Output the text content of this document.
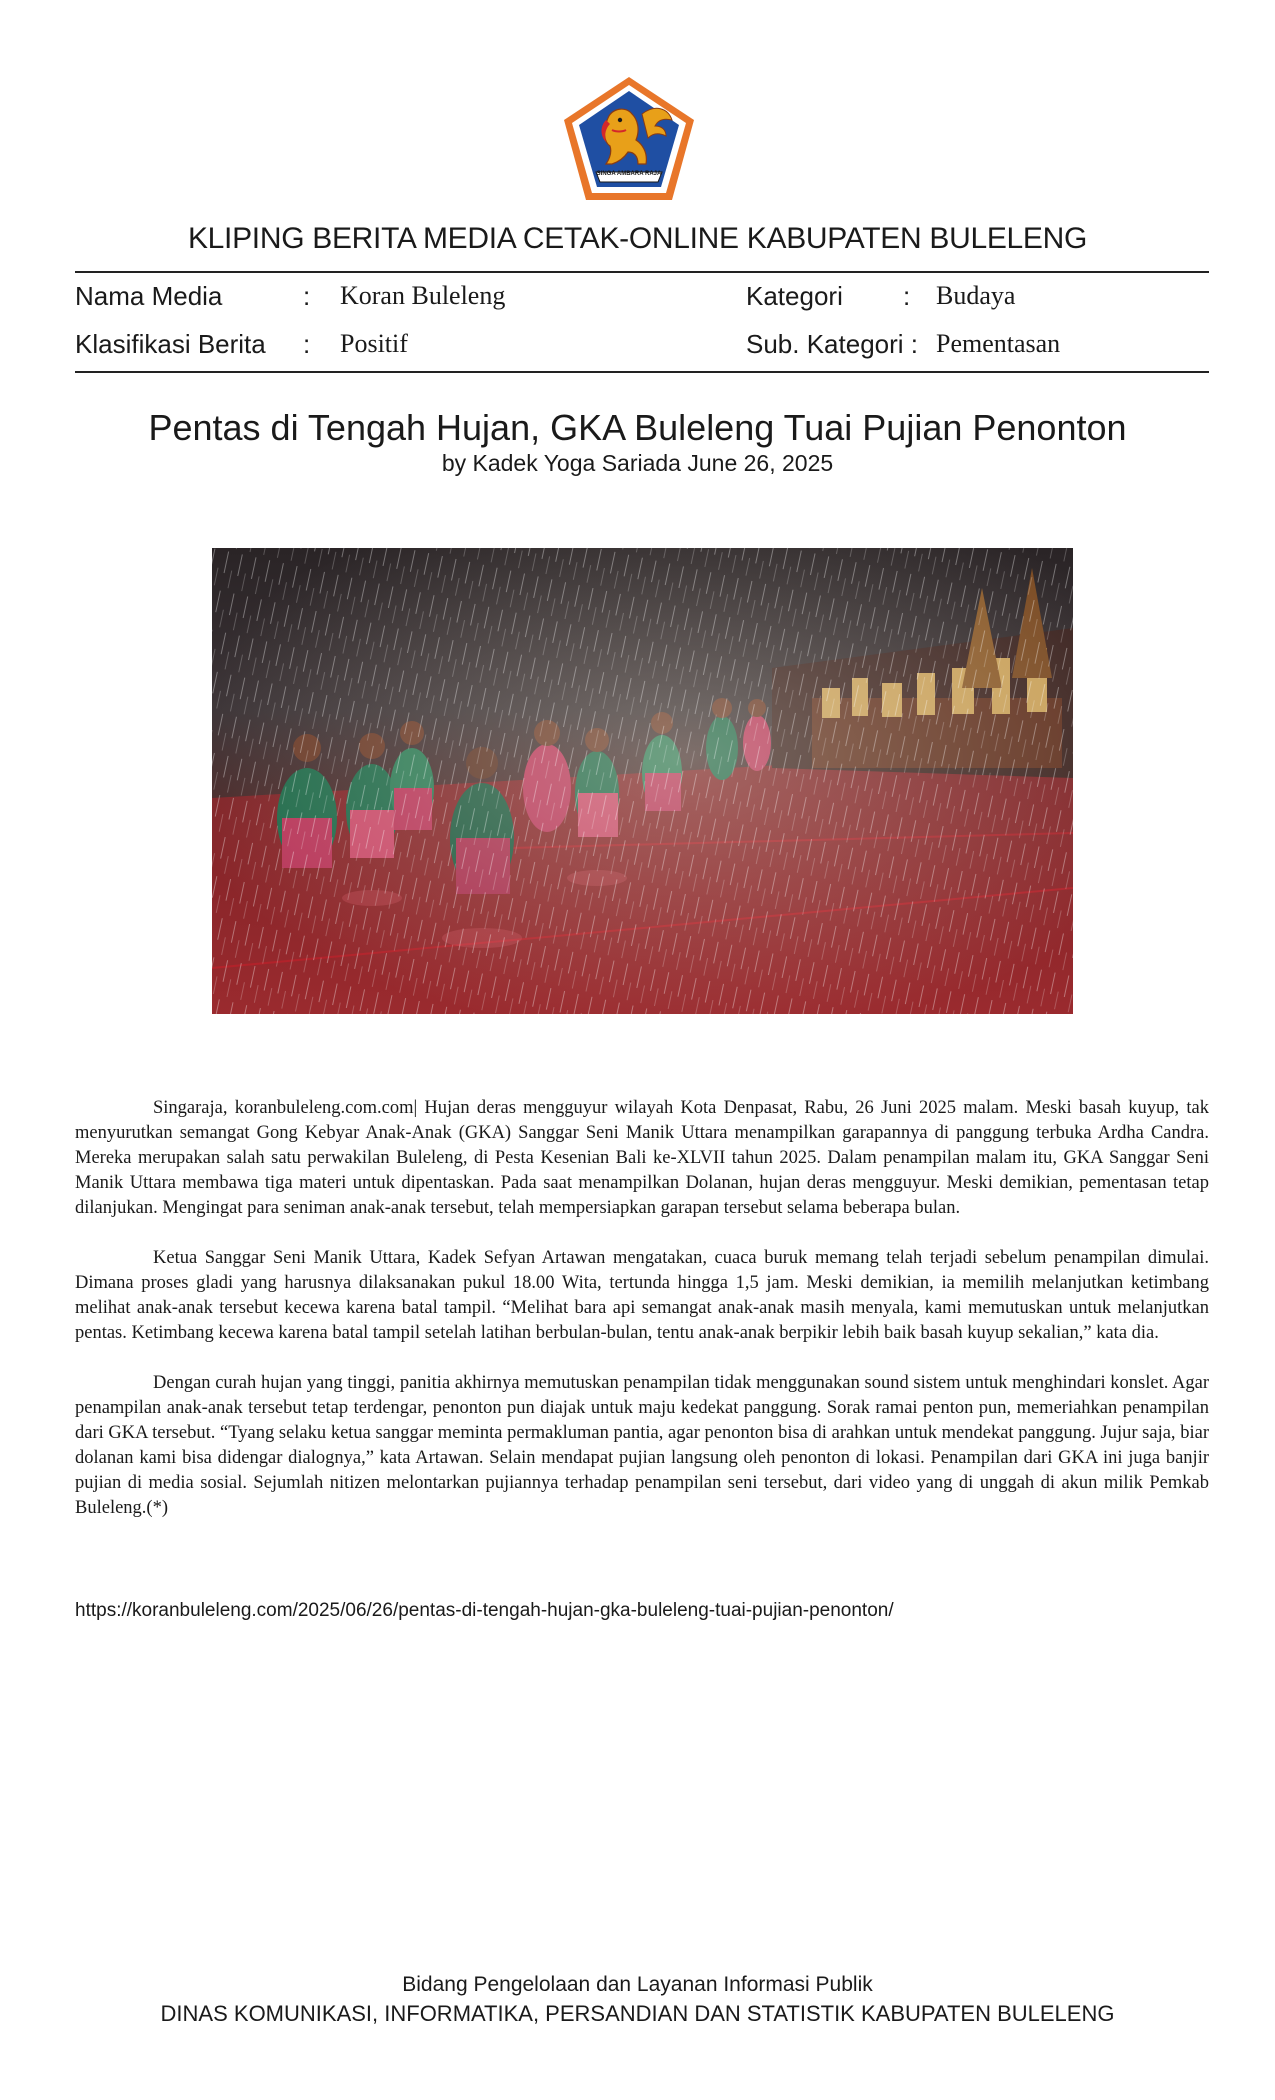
SINGA AMBARA RAJA
KLIPING BERITA MEDIA CETAK-ONLINE KABUPATEN BULELENG
Nama Media	: Koran Buleleng
Klasifikasi Berita : Positif
Kategori : Budaya
Sub. Kategori : Pementasan
Pentas di Tengah Hujan, GKA Buleleng Tuai Pujian Penonton
by Kadek Yoga Sariada June 26, 2025

Singaraja, koranbuleleng.com.com| Hujan deras mengguyur wilayah Kota Denpasat, Rabu, 26 Juni 2025 malam. Meski basah kuyup, tak menyurutkan semangat Gong Kebyar Anak-Anak (GKA) Sanggar Seni Manik Uttara menampilkan garapannya di panggung terbuka Ardha Candra. Mereka merupakan salah satu perwakilan Buleleng, di Pesta Kesenian Bali ke-XLVII tahun 2025. Dalam penampilan malam itu, GKA Sanggar Seni Manik Uttara membawa tiga materi untuk dipentaskan. Pada saat menampilkan Dolanan, hujan deras mengguyur. Meski demikian, pementasan tetap dilanjukan. Mengingat para seniman anak-anak tersebut, telah mempersiapkan garapan tersebut selama beberapa bulan.

Ketua Sanggar Seni Manik Uttara, Kadek Sefyan Artawan mengatakan, cuaca buruk memang telah terjadi sebelum penampilan dimulai. Dimana proses gladi yang harusnya dilaksanakan pukul 18.00 Wita, tertunda hingga 1,5 jam. Meski demikian, ia memilih melanjutkan ketimbang melihat anak-anak tersebut kecewa karena batal tampil. “Melihat bara api semangat anak-anak masih menyala, kami memutuskan untuk melanjutkan pentas. Ketimbang kecewa karena batal tampil setelah latihan berbulan-bulan, tentu anak-anak berpikir lebih baik basah kuyup sekalian,” kata dia.

Dengan curah hujan yang tinggi, panitia akhirnya memutuskan penampilan tidak menggunakan sound sistem untuk menghindari konslet. Agar penampilan anak-anak tersebut tetap terdengar, penonton pun diajak untuk maju kedekat panggung. Sorak ramai penton pun, memeriahkan penampilan dari GKA tersebut. “Tyang selaku ketua sanggar meminta permakluman pantia, agar penonton bisa di arahkan untuk mendekat panggung. Jujur saja, biar dolanan kami bisa didengar dialognya,” kata Artawan. Selain mendapat pujian langsung oleh penonton di lokasi. Penampilan dari GKA ini juga banjir pujian di media sosial. Sejumlah nitizen melontarkan pujiannya terhadap penampilan seni tersebut, dari video yang di unggah di akun milik Pemkab Buleleng.(*)

https://koranbuleleng.com/2025/06/26/pentas-di-tengah-hujan-gka-buleleng-tuai-pujian-penonton/
Bidang Pengelolaan dan Layanan Informasi Publik
DINAS KOMUNIKASI, INFORMATIKA, PERSANDIAN DAN STATISTIK KABUPATEN BULELENG
